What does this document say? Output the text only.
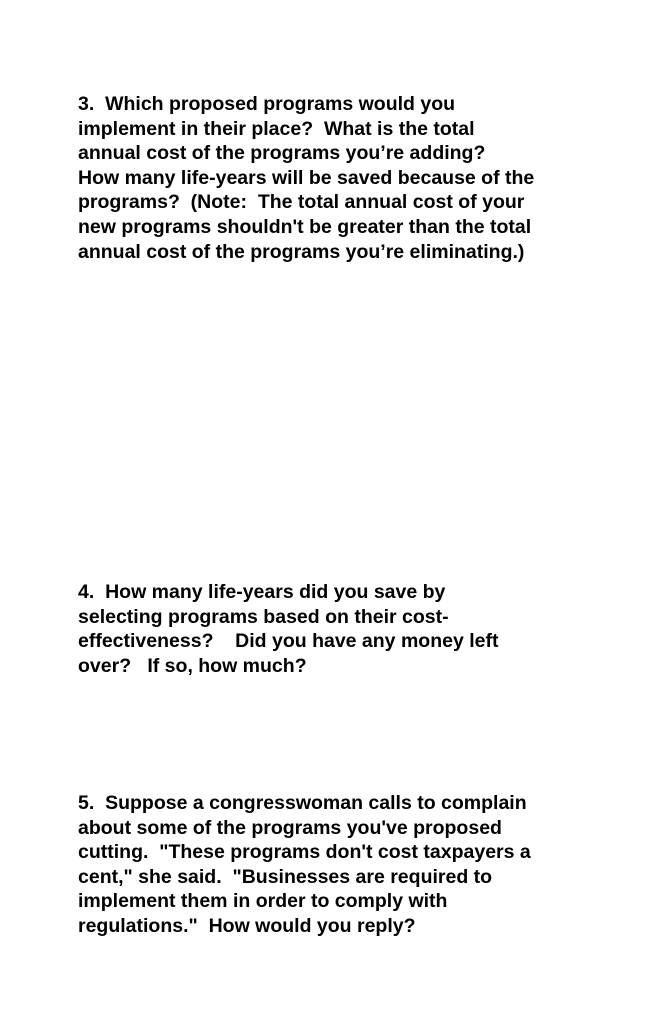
3.  Which proposed programs would you
implement in their place?  What is the total
annual cost of the programs you’re adding?
How many life-years will be saved because of the
programs?  (Note:  The total annual cost of your
new programs shouldn't be greater than the total
annual cost of the programs you’re eliminating.)
4.  How many life-years did you save by
selecting programs based on their cost-
effectiveness?    Did you have any money left
over?   If so, how much?
5.  Suppose a congresswoman calls to complain
about some of the programs you've proposed
cutting.  "These programs don't cost taxpayers a
cent," she said.  "Businesses are required to
implement them in order to comply with
regulations."  How would you reply?
